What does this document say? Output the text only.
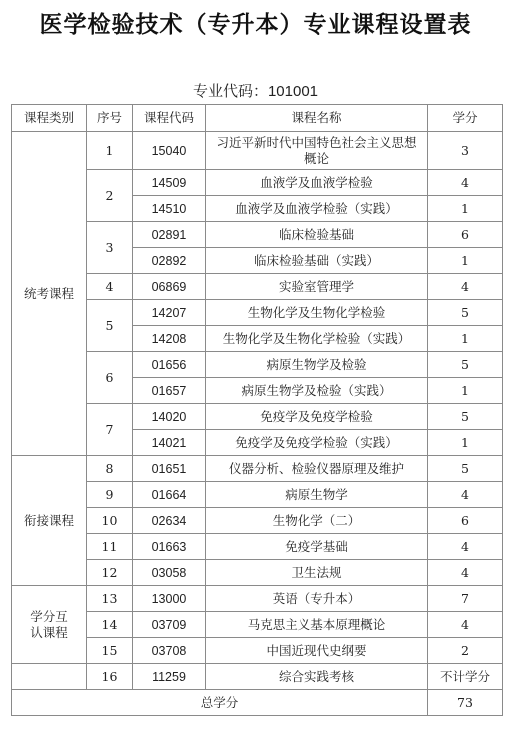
医学检验技术（专升本）专业课程设置表
专业代码：101001
课程类别	序号	课程代码	课程名称	学分
统考课程	1	15040	习近平新时代中国特色社会主义思想概论	3
	2	14509	血液学及血液学检验	4
		14510	血液学及血液学检验（实践）	1
	3	02891	临床检验基础	6
		02892	临床检验基础（实践）	1
	4	06869	实验室管理学	4
	5	14207	生物化学及生物化学检验	5
		14208	生物化学及生物化学检验（实践）	1
	6	01656	病原生物学及检验	5
		01657	病原生物学及检验（实践）	1
	7	14020	免疫学及免疫学检验	5
		14021	免疫学及免疫学检验（实践）	1
衔接课程	8	01651	仪器分析、检验仪器原理及维护	5
	9	01664	病原生物学	4
	10	02634	生物化学（二）	6
	11	01663	免疫学基础	4
	12	03058	卫生法规	4
学分互认课程	13	13000	英语（专升本）	7
	14	03709	马克思主义基本原理概论	4
	15	03708	中国近现代史纲要	2
	16	11259	综合实践考核	不计学分
总学分				73
